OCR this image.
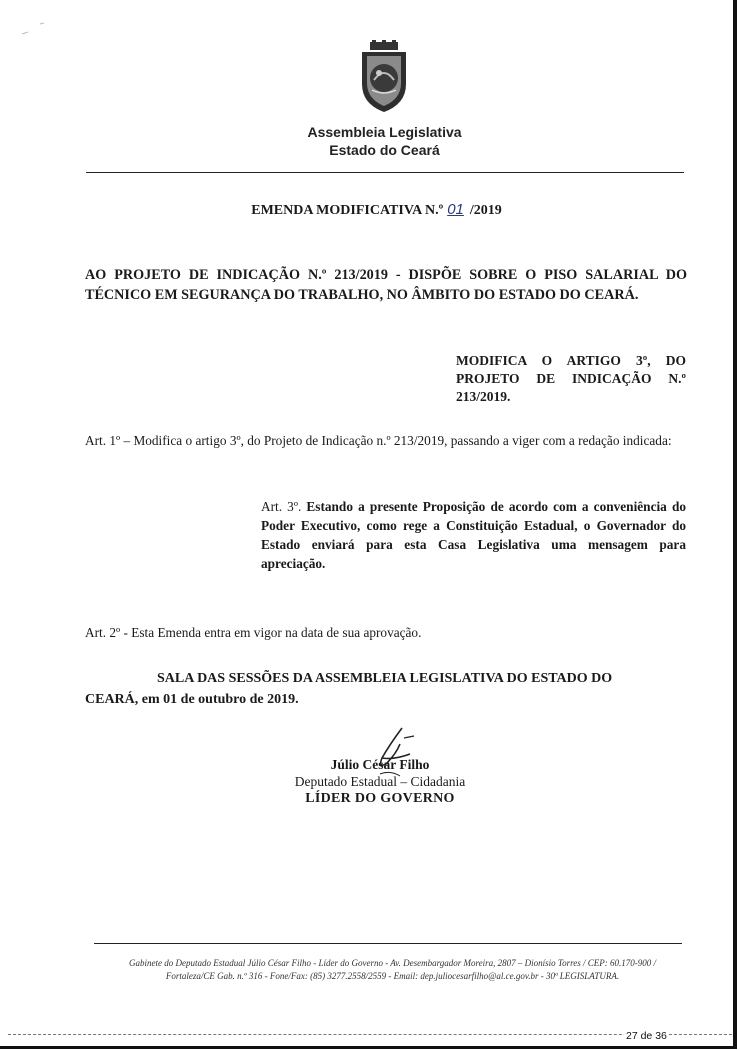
Assembleia Legislativa
Estado do Ceará
EMENDA MODIFICATIVA N.º 01 /2019
AO PROJETO DE INDICAÇÃO N.º 213/2019 - DISPÕE SOBRE O PISO SALARIAL DO TÉCNICO EM SEGURANÇA DO TRABALHO, NO ÂMBITO DO ESTADO DO CEARÁ.
MODIFICA O ARTIGO 3º, DO PROJETO DE INDICAÇÃO N.º 213/2019.
Art. 1º – Modifica o artigo 3º, do Projeto de Indicação n.º 213/2019, passando a viger com a redação indicada:
Art. 3º. Estando a presente Proposição de acordo com a conveniência do Poder Executivo, como rege a Constituição Estadual, o Governador do Estado enviará para esta Casa Legislativa uma mensagem para apreciação.
Art. 2º - Esta Emenda entra em vigor na data de sua aprovação.
SALA DAS SESSÕES DA ASSEMBLEIA LEGISLATIVA DO ESTADO DO
CEARÁ, em 01 de outubro de 2019.
Júlio César Filho
Deputado Estadual – Cidadania
LÍDER DO GOVERNO
Gabinete do Deputado Estadual Júlio César Filho - Líder do Governo - Av. Desembargador Moreira, 2807 – Dionísio Torres / CEP: 60.170-900 /
Fortaleza/CE Gab. n.º 316 - Fone/Fax: (85) 3277.2558/2559 - Email: dep.juliocesarfilho@al.ce.gov.br - 30ª LEGISLATURA.
27 de 36
